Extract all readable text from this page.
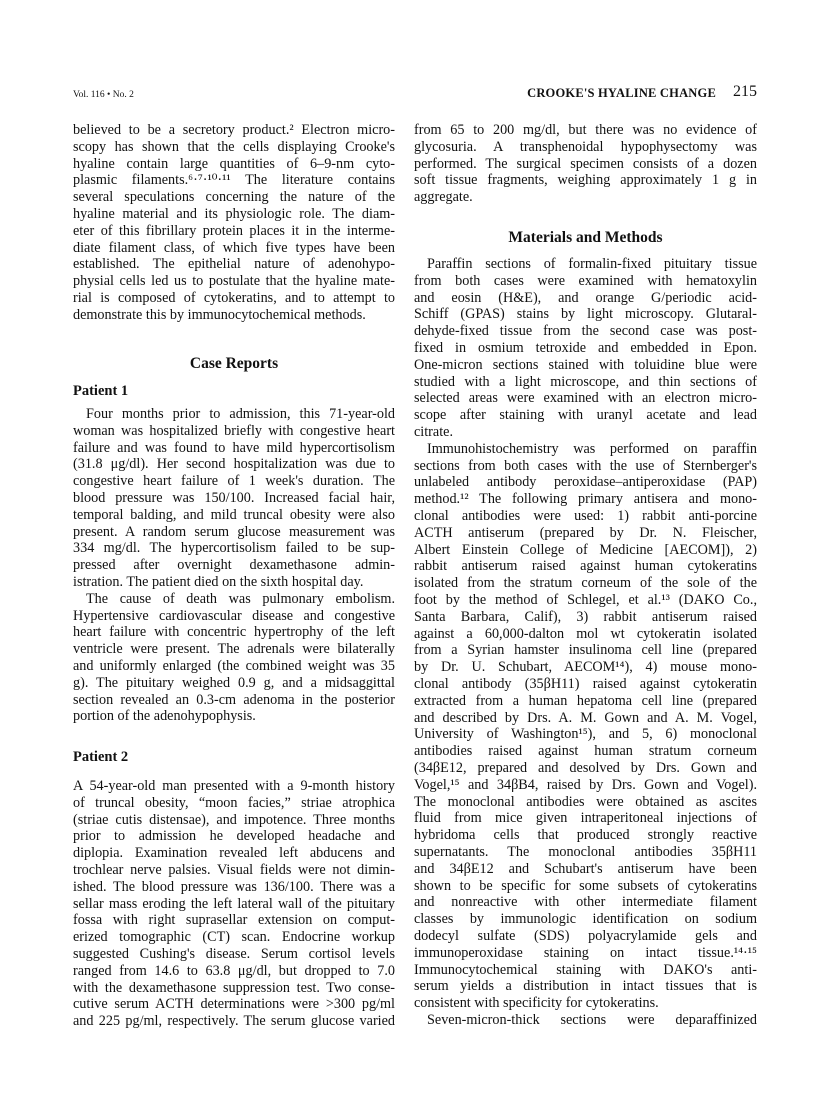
Vol. 116 • No. 2	CROOKE'S HYALINE CHANGE 215
believed to be a secretory product.² Electron micro-
scopy has shown that the cells displaying Crooke's
hyaline contain large quantities of 6–9-nm cyto-
plasmic filaments.⁶·⁷·¹⁰·¹¹ The literature contains
several speculations concerning the nature of the
hyaline material and its physiologic role. The diam-
eter of this fibrillary protein places it in the interme-
diate filament class, of which five types have been
established. The epithelial nature of adenohypo-
physial cells led us to postulate that the hyaline mate-
rial is composed of cytokeratins, and to attempt to
demonstrate this by immunocytochemical methods.
Case Reports
Patient 1
Four months prior to admission, this 71-year-old
woman was hospitalized briefly with congestive heart
failure and was found to have mild hypercortisolism
(31.8 μg/dl). Her second hospitalization was due to
congestive heart failure of 1 week's duration. The
blood pressure was 150/100. Increased facial hair,
temporal balding, and mild truncal obesity were also
present. A random serum glucose measurement was
334 mg/dl. The hypercortisolism failed to be sup-
pressed after overnight dexamethasone admin-
istration. The patient died on the sixth hospital day.
The cause of death was pulmonary embolism.
Hypertensive cardiovascular disease and congestive
heart failure with concentric hypertrophy of the left
ventricle were present. The adrenals were bilaterally
and uniformly enlarged (the combined weight was 35
g). The pituitary weighed 0.9 g, and a midsaggittal
section revealed an 0.3-cm adenoma in the posterior
portion of the adenohypophysis.
Patient 2
A 54-year-old man presented with a 9-month history
of truncal obesity, “moon facies,” striae atrophica
(striae cutis distensae), and impotence. Three months
prior to admission he developed headache and
diplopia. Examination revealed left abducens and
trochlear nerve palsies. Visual fields were not dimin-
ished. The blood pressure was 136/100. There was a
sellar mass eroding the left lateral wall of the pituitary
fossa with right suprasellar extension on comput-
erized tomographic (CT) scan. Endocrine workup
suggested Cushing's disease. Serum cortisol levels
ranged from 14.6 to 63.8 μg/dl, but dropped to 7.0
with the dexamethasone suppression test. Two conse-
cutive serum ACTH determinations were >300 pg/ml
and 225 pg/ml, respectively. The serum glucose varied
from 65 to 200 mg/dl, but there was no evidence of
glycosuria. A transphenoidal hypophysectomy was
performed. The surgical specimen consists of a dozen
soft tissue fragments, weighing approximately 1 g in
aggregate.
Materials and Methods
Paraffin sections of formalin-fixed pituitary tissue
from both cases were examined with hematoxylin
and eosin (H&E), and orange G/periodic acid-
Schiff (GPAS) stains by light microscopy. Glutaral-
dehyde-fixed tissue from the second case was post-
fixed in osmium tetroxide and embedded in Epon.
One-micron sections stained with toluidine blue were
studied with a light microscope, and thin sections of
selected areas were examined with an electron micro-
scope after staining with uranyl acetate and lead
citrate.
Immunohistochemistry was performed on paraffin
sections from both cases with the use of Sternberger's
unlabeled antibody peroxidase–antiperoxidase (PAP)
method.¹² The following primary antisera and mono-
clonal antibodies were used: 1) rabbit anti-porcine
ACTH antiserum (prepared by Dr. N. Fleischer,
Albert Einstein College of Medicine [AECOM]), 2)
rabbit antiserum raised against human cytokeratins
isolated from the stratum corneum of the sole of the
foot by the method of Schlegel, et al.¹³ (DAKO Co.,
Santa Barbara, Calif), 3) rabbit antiserum raised
against a 60,000-dalton mol wt cytokeratin isolated
from a Syrian hamster insulinoma cell line (prepared
by Dr. U. Schubart, AECOM¹⁴), 4) mouse mono-
clonal antibody (35βH11) raised against cytokeratin
extracted from a human hepatoma cell line (prepared
and described by Drs. A. M. Gown and A. M. Vogel,
University of Washington¹⁵), and 5, 6) monoclonal
antibodies raised against human stratum corneum
(34βE12, prepared and desolved by Drs. Gown and
Vogel,¹⁵ and 34βB4, raised by Drs. Gown and Vogel).
The monoclonal antibodies were obtained as ascites
fluid from mice given intraperitoneal injections of
hybridoma cells that produced strongly reactive
supernatants. The monoclonal antibodies 35βH11
and 34βE12 and Schubart's antiserum have been
shown to be specific for some subsets of cytokeratins
and nonreactive with other intermediate filament
classes by immunologic identification on sodium
dodecyl sulfate (SDS) polyacrylamide gels and
immunoperoxidase staining on intact tissue.¹⁴·¹⁵
Immunocytochemical staining with DAKO's anti-
serum yields a distribution in intact tissues that is
consistent with specificity for cytokeratins.
Seven-micron-thick sections were deparaffinized
